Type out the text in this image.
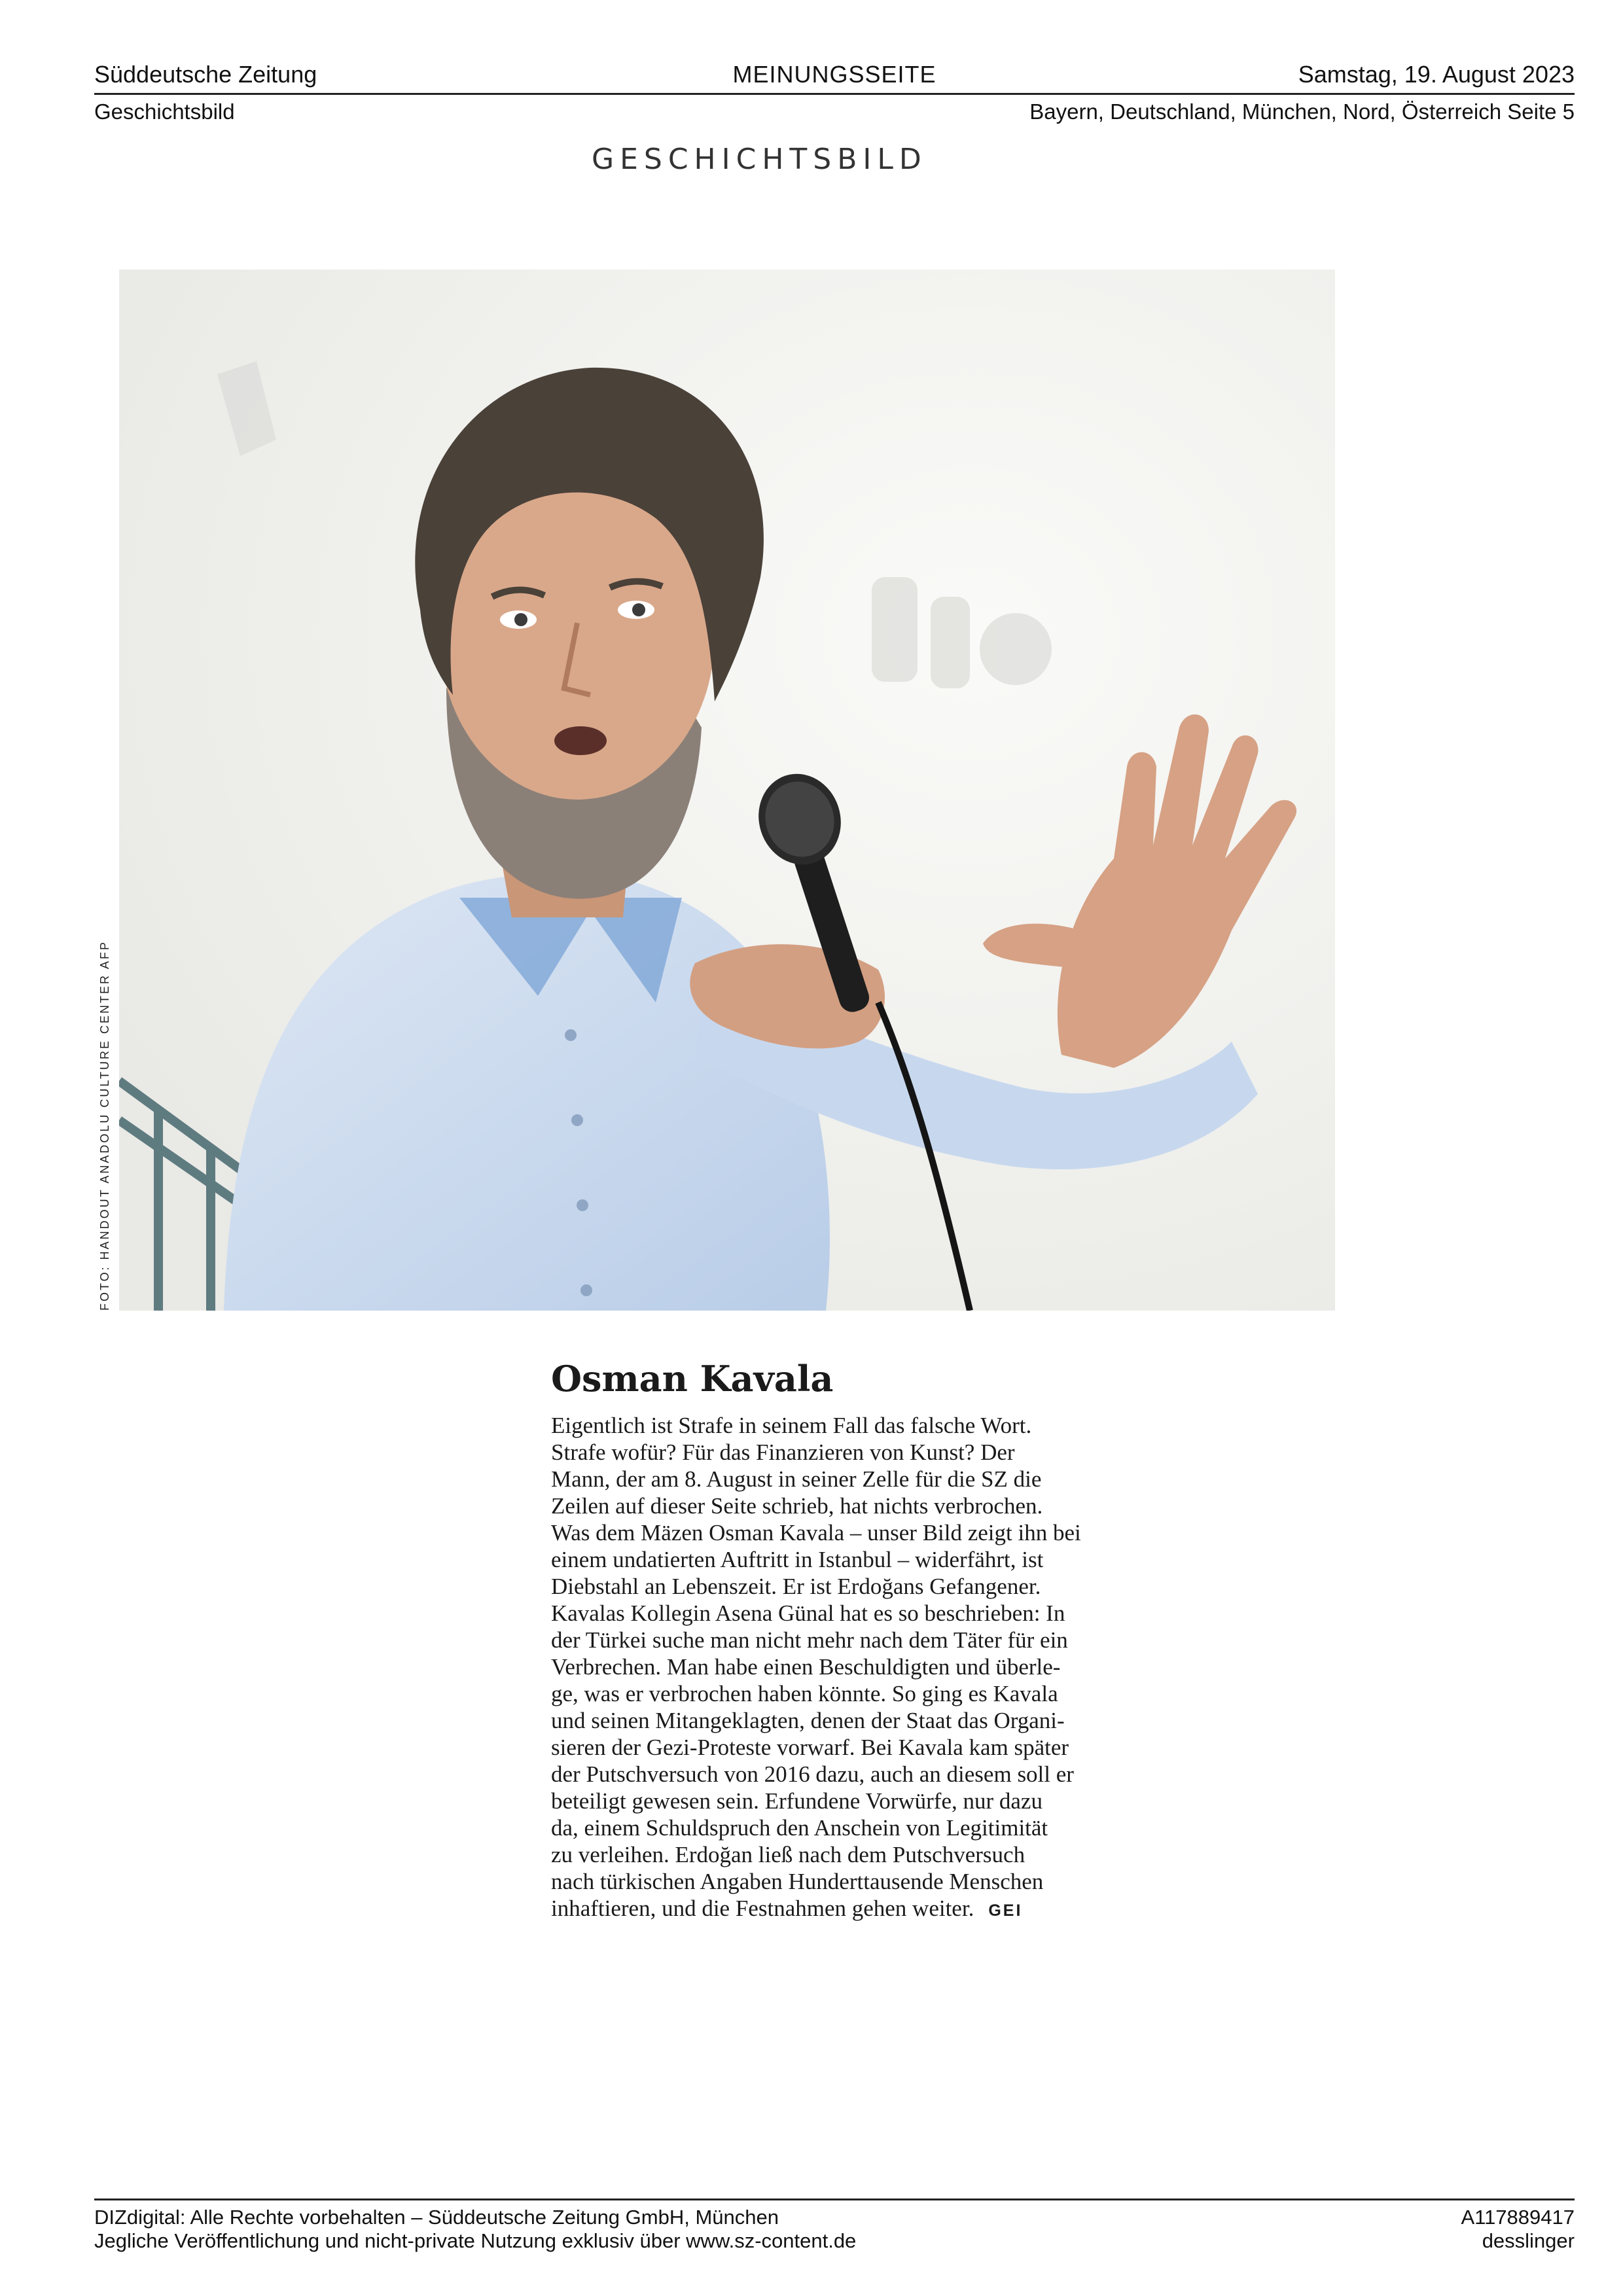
Süddeutsche Zeitung	MEINUNGSSEITE	Samstag, 19. August 2023
Geschichtsbild	Bayern, Deutschland, München, Nord, Österreich Seite 5
GESCHICHTSBILD
FOTO: HANDOUT ANADOLU CULTURE CENTER AFP
Osman Kavala
Eigentlich ist Strafe in seinem Fall das falsche Wort.
Strafe wofür? Für das Finanzieren von Kunst? Der
Mann, der am 8. August in seiner Zelle für die SZ die
Zeilen auf dieser Seite schrieb, hat nichts verbrochen.
Was dem Mäzen Osman Kavala – unser Bild zeigt ihn bei
einem undatierten Auftritt in Istanbul – widerfährt, ist
Diebstahl an Lebenszeit. Er ist Erdoğans Gefangener.
Kavalas Kollegin Asena Günal hat es so beschrieben: In
der Türkei suche man nicht mehr nach dem Täter für ein
Verbrechen. Man habe einen Beschuldigten und überle-
ge, was er verbrochen haben könnte. So ging es Kavala
und seinen Mitangeklagten, denen der Staat das Organi-
sieren der Gezi-Proteste vorwarf. Bei Kavala kam später
der Putschversuch von 2016 dazu, auch an diesem soll er
beteiligt gewesen sein. Erfundene Vorwürfe, nur dazu
da, einem Schuldspruch den Anschein von Legitimität
zu verleihen. Erdoğan ließ nach dem Putschversuch
nach türkischen Angaben Hunderttausende Menschen
inhaftieren, und die Festnahmen gehen weiter. GEI
DIZdigital: Alle Rechte vorbehalten – Süddeutsche Zeitung GmbH, München
Jegliche Veröffentlichung und nicht-private Nutzung exklusiv über www.sz-content.de
A117889417
desslinger
